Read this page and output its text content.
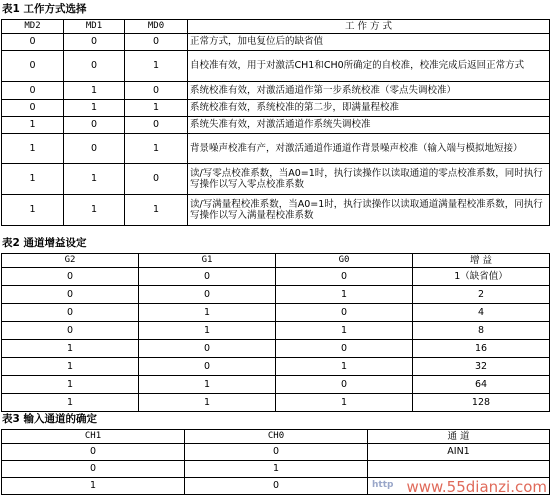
表1 工作方式选择
MD2	MD1	MD0	工 作 方 式
0	0	0	正常方式，加电复位后的缺省值
0	0	1	自校准有效，用于对激活CH1和CH0所确定的自校准，校准完成后返回正常方式
0	1	0	系统校准有效，对激活通道作第一步系统校准（零点失调校准）
0	1	1	系统校准有效，系统校准的第二步，即满量程校准
1	0	0	系统失准有效，对激活通道作系统失调校准
1	0	1	背景噪声校准有产，对激活通道作通道作背景噪声校准（输入端与模拟地短接）
1	1	0	读/写零点校准系数，当A0=1时，执行读操作以读取通道的零点校准系数，同时执行写操作以写入零点校准系数
1	1	1	读/写满量程校准系数，当A0=1时，执行读操作以读取通道满量程校准系数，同执行写操作以写入满量程校准系数
表2 通道增益设定
G2	G1	G0	增 益
0	0	0	1（缺省值）
0	0	1	2
0	1	0	4
0	1	1	8
1	0	0	16
1	0	1	32
1	1	0	64
1	1	1	128
表3 输入通道的确定
CH1	CH0	通 道
0	0	AIN1
0	1	
1	0		http www.55dianzi.com
